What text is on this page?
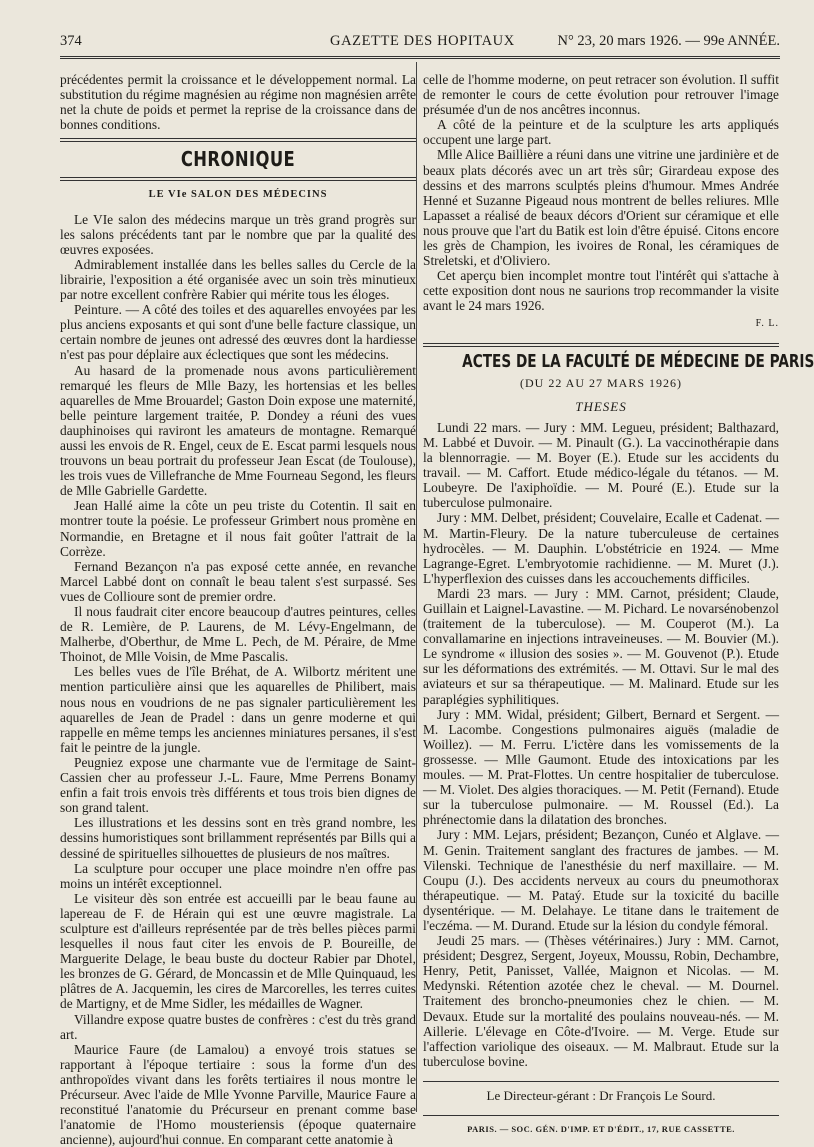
374	GAZETTE DES HOPITAUX	N° 23, 20 mars 1926. — 99e ANNÉE.

précédentes permit la croissance et le développement normal. La substitution du régime magnésien au régime non magnésien arrête net la chute de poids et permet la reprise de la croissance dans de bonnes conditions.

CHRONIQUE
LE VIe SALON DES MÉDECINS

Le VIe salon des médecins marque un très grand progrès sur les salons précédents tant par le nombre que par la qualité des œuvres exposées.

Admirablement installée dans les belles salles du Cercle de la librairie, l'exposition a été organisée avec un soin très minutieux par notre excellent confrère Rabier qui mérite tous les éloges.

Peinture. — A côté des toiles et des aquarelles envoyées par les plus anciens exposants et qui sont d'une belle facture classique, un certain nombre de jeunes ont adressé des œuvres dont la hardiesse n'est pas pour déplaire aux éclectiques que sont les médecins.

Au hasard de la promenade nous avons particulièrement remarqué les fleurs de Mlle Bazy, les hortensias et les belles aquarelles de Mme Brouardel; Gaston Doin expose une maternité, belle peinture largement traitée, P. Dondey a réuni des vues dauphinoises qui raviront les amateurs de montagne. Remarqué aussi les envois de R. Engel, ceux de E. Escat parmi lesquels nous trouvons un beau portrait du professeur Jean Escat (de Toulouse), les trois vues de Villefranche de Mme Fourneau Segond, les fleurs de Mlle Gabrielle Gardette.

Jean Hallé aime la côte un peu triste du Cotentin. Il sait en montrer toute la poésie. Le professeur Grimbert nous promène en Normandie, en Bretagne et il nous fait goûter l'attrait de la Corrèze.

Fernand Bezançon n'a pas exposé cette année, en revanche Marcel Labbé dont on connaît le beau talent s'est surpassé. Ses vues de Collioure sont de premier ordre.

Il nous faudrait citer encore beaucoup d'autres peintures, celles de R. Lemière, de P. Laurens, de M. Lévy-Engelmann, de Malherbe, d'Oberthur, de Mme L. Pech, de M. Péraire, de Mme Thoinot, de Mlle Voisin, de Mme Pascalis.

Les belles vues de l'île Bréhat, de A. Wilbortz méritent une mention particulière ainsi que les aquarelles de Philibert, mais nous nous en voudrions de ne pas signaler particulièrement les aquarelles de Jean de Pradel : dans un genre moderne et qui rappelle en même temps les anciennes miniatures persanes, il s'est fait le peintre de la jungle.

Peugniez expose une charmante vue de l'ermitage de Saint-Cassien cher au professeur J.-L. Faure, Mme Perrens Bonamy enfin a fait trois envois très différents et tous trois bien dignes de son grand talent.

Les illustrations et les dessins sont en très grand nombre, les dessins humoristiques sont brillamment représentés par Bills qui a dessiné de spirituelles silhouettes de plusieurs de nos maîtres.

La sculpture pour occuper une place moindre n'en offre pas moins un intérêt exceptionnel.

Le visiteur dès son entrée est accueilli par le beau faune au lapereau de F. de Hérain qui est une œuvre magistrale. La sculpture est d'ailleurs représentée par de très belles pièces parmi lesquelles il nous faut citer les envois de P. Boureille, de Marguerite Delage, le beau buste du docteur Rabier par Dhotel, les bronzes de G. Gérard, de Moncassin et de Mlle Quinquaud, les plâtres de A. Jacquemin, les cires de Marcorelles, les terres cuites de Martigny, et de Mme Sidler, les médailles de Wagner.

Villandre expose quatre bustes de confrères : c'est du très grand art.

Maurice Faure (de Lamalou) a envoyé trois statues se rapportant à l'époque tertiaire : sous la forme d'un des anthropoïdes vivant dans les forêts tertiaires il nous montre le Précurseur. Avec l'aide de Mlle Yvonne Parville, Maurice Faure a reconstitué l'anatomie du Précurseur en prenant comme base l'anatomie de l'Homo mousteriensis (époque quaternaire ancienne), aujourd'hui connue. En comparant cette anatomie à

celle de l'homme moderne, on peut retracer son évolution. Il suffit de remonter le cours de cette évolution pour retrouver l'image présumée d'un de nos ancêtres inconnus.

A côté de la peinture et de la sculpture les arts appliqués occupent une large part.

Mlle Alice Baillière a réuni dans une vitrine une jardinière et de beaux plats décorés avec un art très sûr; Girardeau expose des dessins et des marrons sculptés pleins d'humour. Mmes Andrée Henné et Suzanne Pigeaud nous montrent de belles reliures. Mlle Lapasset a réalisé de beaux décors d'Orient sur céramique et elle nous prouve que l'art du Batik est loin d'être épuisé. Citons encore les grès de Champion, les ivoires de Ronal, les céramiques de Streletski, et d'Oliviero.

Cet aperçu bien incomplet montre tout l'intérêt qui s'attache à cette exposition dont nous ne saurions trop recommander la visite avant le 24 mars 1926.

F. L.
ACTES DE LA FACULTÉ DE MÉDECINE DE PARIS
(DU 22 AU 27 MARS 1926)
THESES

Lundi 22 mars. — Jury : MM. Legueu, président; Balthazard, M. Labbé et Duvoir. — M. Pinault (G.). La vaccinothérapie dans la blennorragie. — M. Boyer (E.). Etude sur les accidents du travail. — M. Caffort. Etude médico-légale du tétanos. — M. Loubeyre. De l'axiphoïdie. — M. Pouré (E.). Etude sur la tuberculose pulmonaire.

Jury : MM. Delbet, président; Couvelaire, Ecalle et Cadenat. — M. Martin-Fleury. De la nature tuberculeuse de certaines hydrocèles. — M. Dauphin. L'obstétricie en 1924. — Mme Lagrange-Egret. L'embryotomie rachidienne. — M. Muret (J.). L'hyperflexion des cuisses dans les accouchements difficiles.

Mardi 23 mars. — Jury : MM. Carnot, président; Claude, Guillain et Laignel-Lavastine. — M. Pichard. Le novarsénobenzol (traitement de la tuberculose). — M. Couperot (M.). La convallamarine en injections intraveineuses. — M. Bouvier (M.). Le syndrome « illusion des sosies ». — M. Gouvenot (P.). Etude sur les déformations des extrémités. — M. Ottavi. Sur le mal des aviateurs et sur sa thérapeutique. — M. Malinard. Etude sur les paraplégies syphilitiques.

Jury : MM. Widal, président; Gilbert, Bernard et Sergent. — M. Lacombe. Congestions pulmonaires aiguës (maladie de Woillez). — M. Ferru. L'ictère dans les vomissements de la grossesse. — Mlle Gaumont. Etude des intoxications par les moules. — M. Prat-Flottes. Un centre hospitalier de tuberculose. — M. Violet. Des algies thoraciques. — M. Petit (Fernand). Etude sur la tuberculose pulmonaire. — M. Roussel (Ed.). La phrénectomie dans la dilatation des bronches.

Jury : MM. Lejars, président; Bezançon, Cunéo et Alglave. — M. Genin. Traitement sanglant des fractures de jambes. — M. Vilenski. Technique de l'anesthésie du nerf maxillaire. — M. Coupu (J.). Des accidents nerveux au cours du pneumothorax thérapeutique. — M. Pataý. Etude sur la toxicité du bacille dysentérique. — M. Delahaye. Le titane dans le traitement de l'eczéma. — M. Durand. Etude sur la lésion du condyle fémoral.

Jeudi 25 mars. — (Thèses vétérinaires.) Jury : MM. Carnot, président; Desgrez, Sergent, Joyeux, Moussu, Robin, Dechambre, Henry, Petit, Panisset, Vallée, Maignon et Nicolas. — M. Medynski. Rétention azotée chez le cheval. — M. Dournel. Traitement des broncho-pneumonies chez le chien. — M. Devaux. Etude sur la mortalité des poulains nouveau-nés. — M. Aillerie. L'élevage en Côte-d'Ivoire. — M. Verge. Etude sur l'affection variolique des oiseaux. — M. Malbraut. Etude sur la tuberculose bovine.

Le Directeur-gérant : Dr François Le Sourd.
PARIS. — SOC. GÉN. D'IMP. ET D'ÉDIT., 17, RUE CASSETTE.
